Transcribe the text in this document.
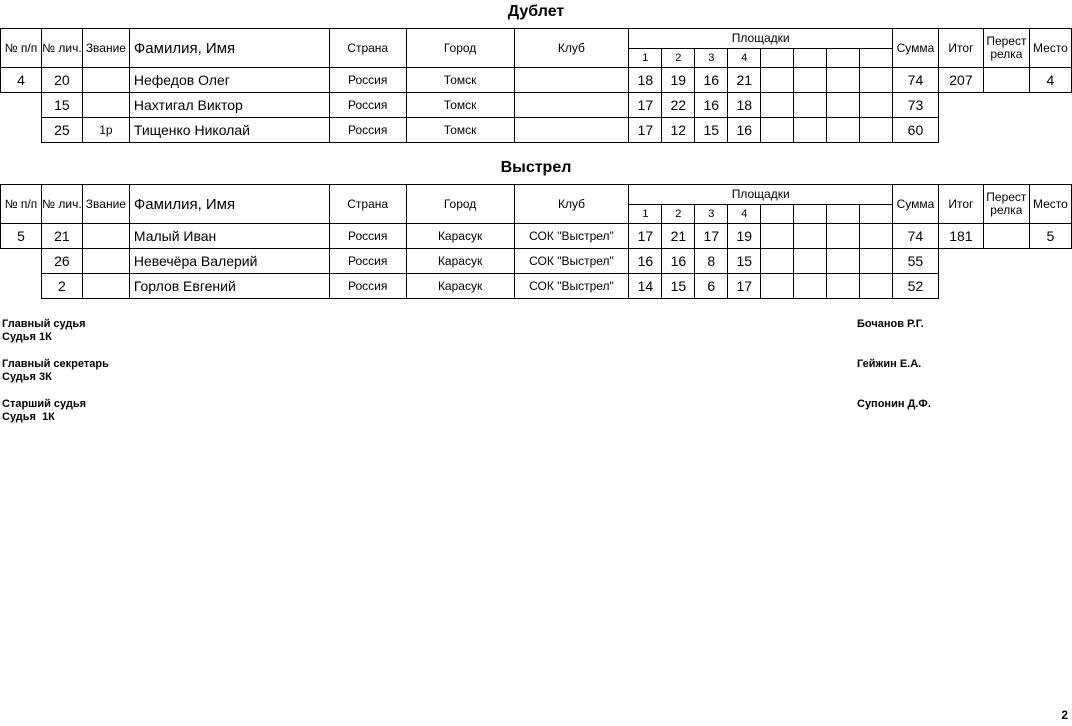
Дублет
№ п/п	№ лич.	Звание	Фамилия, Имя	Страна	Город	Клуб	Площадки								Сумма	Итог	Перест релка	Место
							1	2	3	4								
4	20		Нефедов Олег	Россия	Томск		18	19	16	21					74	207		4
	15		Нахтигал Виктор	Россия	Томск		17	22	16	18					73			
	25	1р	Тищенко Николай	Россия	Томск		17	12	15	16					60			
Выстрел
№ п/п	№ лич.	Звание	Фамилия, Имя	Страна	Город	Клуб	Площадки								Сумма	Итог	Перест релка	Место
							1	2	3	4								
5	21		Малый Иван	Россия	Карасук	СОК "Выстрел"	17	21	17	19					74	181		5
	26		Невечёра Валерий	Россия	Карасук	СОК "Выстрел"	16	16	8	15					55			
	2		Горлов Евгений	Россия	Карасук	СОК "Выстрел"	14	15	6	17					52			
Главный судья
Судья 1К
Бочанов Р.Г.
Главный секретарь
Судья 3К
Гейжин Е.А.
Старший судья
Судья  1К
Супонин Д.Ф.
2
